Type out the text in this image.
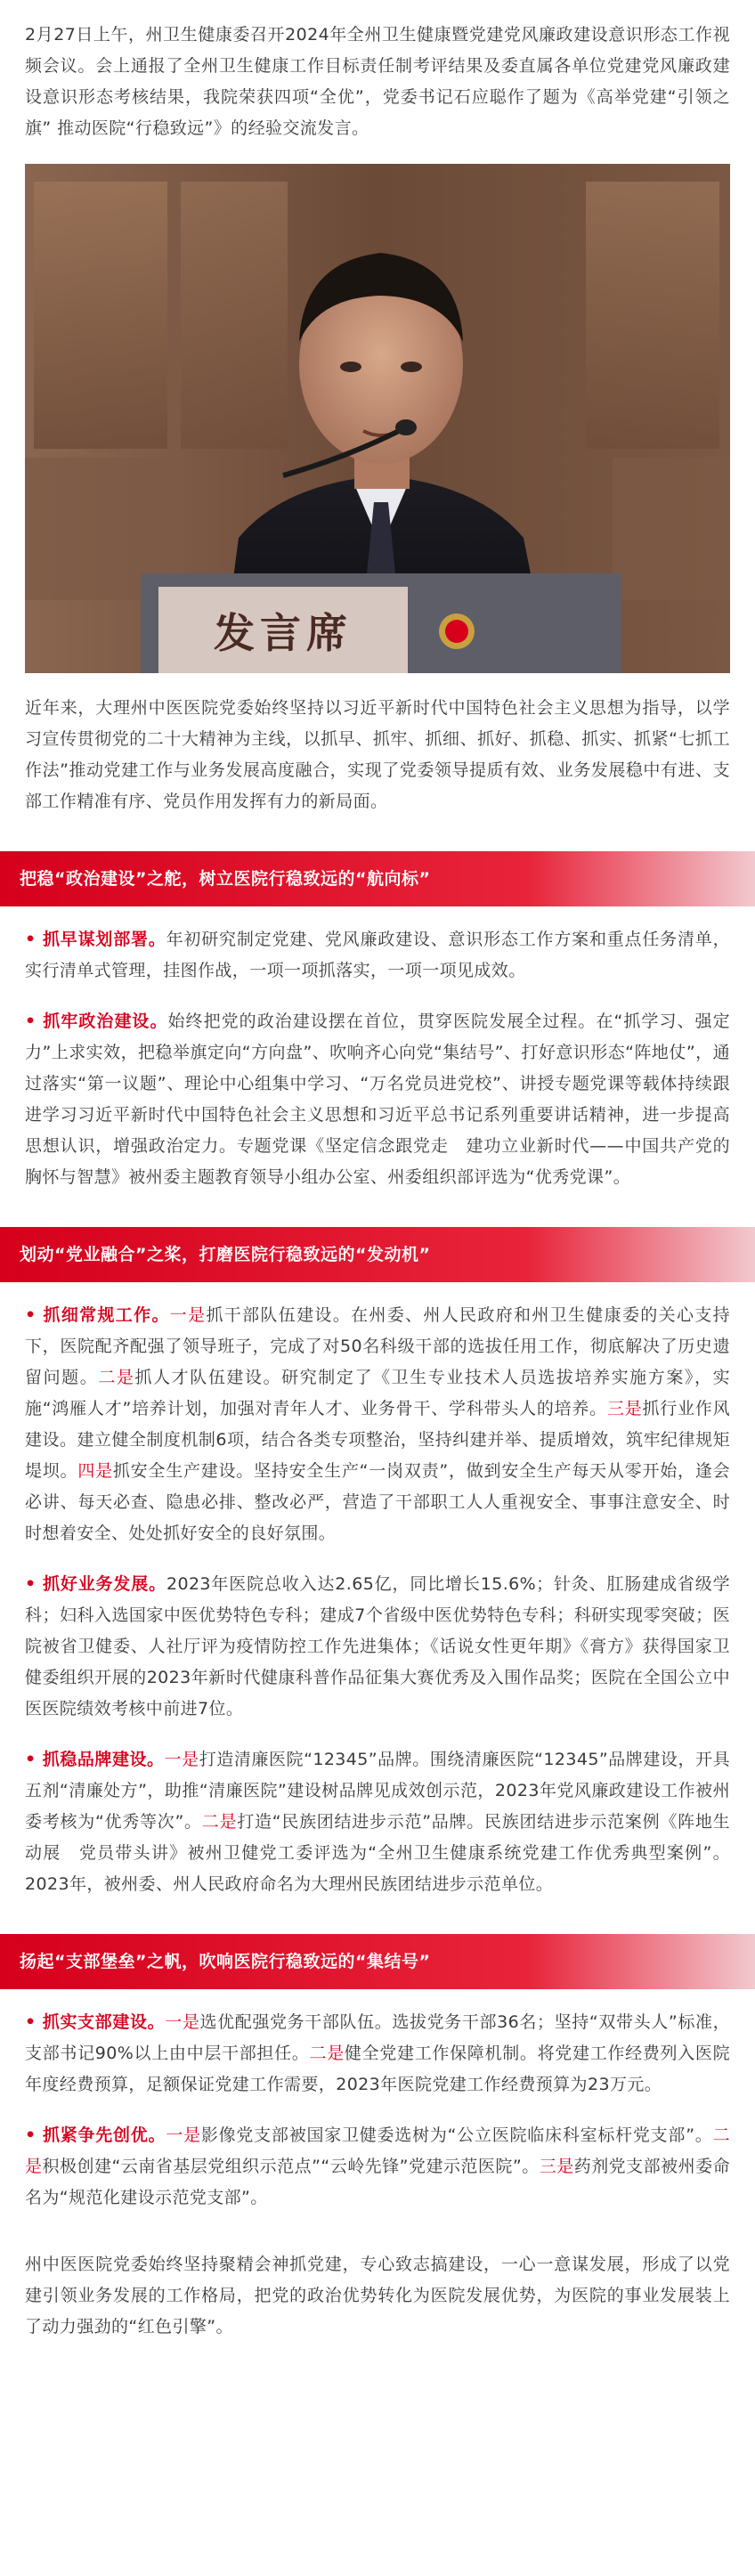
2月27日上午，州卫生健康委召开2024年全州卫生健康暨党建党风廉政建设意识形态工作视频会议。会上通报了全州卫生健康工作目标责任制考评结果及委直属各单位党建党风廉政建设意识形态考核结果，我院荣获四项“全优”，党委书记石应聪作了题为《高举党建“引领之旗” 推动医院“行稳致远”》的经验交流发言。

发言席

近年来，大理州中医医院党委始终坚持以习近平新时代中国特色社会主义思想为指导，以学习宣传贯彻党的二十大精神为主线，以抓早、抓牢、抓细、抓好、抓稳、抓实、抓紧“七抓工作法”推动党建工作与业务发展高度融合，实现了党委领导提质有效、业务发展稳中有进、支部工作精准有序、党员作用发挥有力的新局面。

把稳“政治建设”之舵，树立医院行稳致远的“航向标”

• 抓早谋划部署。年初研究制定党建、党风廉政建设、意识形态工作方案和重点任务清单，实行清单式管理，挂图作战，一项一项抓落实，一项一项见成效。

• 抓牢政治建设。始终把党的政治建设摆在首位，贯穿医院发展全过程。在“抓学习、强定力”上求实效，把稳举旗定向“方向盘”、吹响齐心向党“集结号”、打好意识形态“阵地仗”，通过落实“第一议题”、理论中心组集中学习、“万名党员进党校”、讲授专题党课等载体持续跟进学习习近平新时代中国特色社会主义思想和习近平总书记系列重要讲话精神，进一步提高思想认识，增强政治定力。专题党课《坚定信念跟党走　建功立业新时代——中国共产党的胸怀与智慧》被州委主题教育领导小组办公室、州委组织部评选为“优秀党课”。

划动“党业融合”之桨，打磨医院行稳致远的“发动机”

• 抓细常规工作。一是抓干部队伍建设。在州委、州人民政府和州卫生健康委的关心支持下，医院配齐配强了领导班子，完成了对50名科级干部的选拔任用工作，彻底解决了历史遗留问题。二是抓人才队伍建设。研究制定了《卫生专业技术人员选拔培养实施方案》，实施“鸿雁人才”培养计划，加强对青年人才、业务骨干、学科带头人的培养。三是抓行业作风建设。建立健全制度机制6项，结合各类专项整治，坚持纠建并举、提质增效，筑牢纪律规矩堤坝。四是抓安全生产建设。坚持安全生产“一岗双责”，做到安全生产每天从零开始，逢会必讲、每天必查、隐患必排、整改必严，营造了干部职工人人重视安全、事事注意安全、时时想着安全、处处抓好安全的良好氛围。

• 抓好业务发展。2023年医院总收入达2.65亿，同比增长15.6%；针灸、肛肠建成省级学科；妇科入选国家中医优势特色专科；建成7个省级中医优势特色专科；科研实现零突破；医院被省卫健委、人社厅评为疫情防控工作先进集体；《话说女性更年期》《膏方》获得国家卫健委组织开展的2023年新时代健康科普作品征集大赛优秀及入围作品奖；医院在全国公立中医医院绩效考核中前进7位。

• 抓稳品牌建设。一是打造清廉医院“12345”品牌。围绕清廉医院“12345”品牌建设，开具五剂“清廉处方”，助推“清廉医院”建设树品牌见成效创示范，2023年党风廉政建设工作被州委考核为“优秀等次”。二是打造“民族团结进步示范”品牌。民族团结进步示范案例《阵地生动展　党员带头讲》被州卫健党工委评选为“全州卫生健康系统党建工作优秀典型案例”。2023年，被州委、州人民政府命名为大理州民族团结进步示范单位。

扬起“支部堡垒”之帆，吹响医院行稳致远的“集结号”

• 抓实支部建设。一是选优配强党务干部队伍。选拔党务干部36名；坚持“双带头人”标准，支部书记90%以上由中层干部担任。二是健全党建工作保障机制。将党建工作经费列入医院年度经费预算，足额保证党建工作需要，2023年医院党建工作经费预算为23万元。

• 抓紧争先创优。一是影像党支部被国家卫健委选树为“公立医院临床科室标杆党支部”。二是积极创建“云南省基层党组织示范点”“云岭先锋”党建示范医院”。三是药剂党支部被州委命名为“规范化建设示范党支部”。

州中医医院党委始终坚持聚精会神抓党建，专心致志搞建设，一心一意谋发展，形成了以党建引领业务发展的工作格局，把党的政治优势转化为医院发展优势，为医院的事业发展装上了动力强劲的“红色引擎”。
